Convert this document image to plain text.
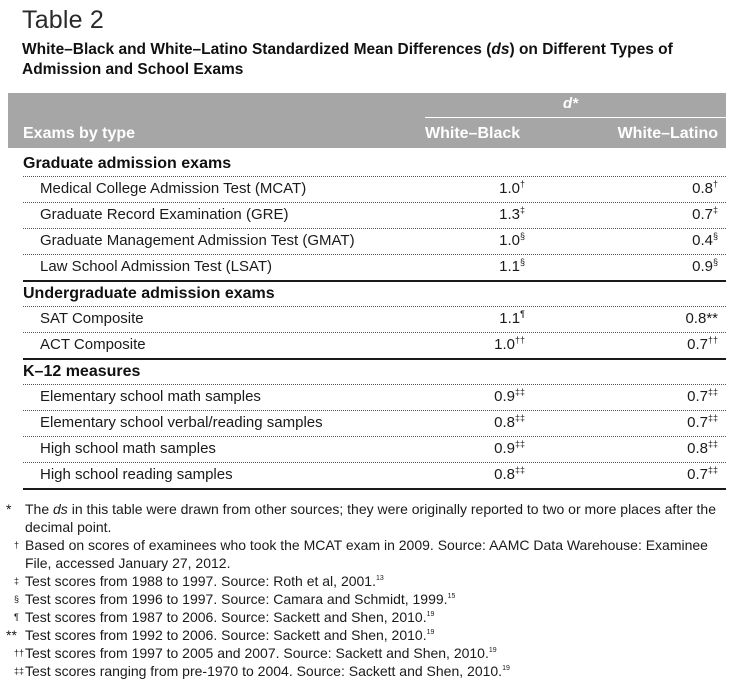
Table 2
White–Black and White–Latino Standardized Mean Differences (ds) on Different Types of Admission and School Exams
d*
Exams by type	White–Black	White–Latino
Graduate admission exams
Medical College Admission Test (MCAT)	1.0†	0.8†
Graduate Record Examination (GRE)	1.3‡	0.7‡
Graduate Management Admission Test (GMAT)	1.0§	0.4§
Law School Admission Test (LSAT)	1.1§	0.9§
Undergraduate admission exams
SAT Composite	1.1¶	0.8**
ACT Composite	1.0††	0.7††
K–12 measures
Elementary school math samples	0.9‡‡	0.7‡‡
Elementary school verbal/reading samples	0.8‡‡	0.7‡‡
High school math samples	0.9‡‡	0.8‡‡
High school reading samples	0.8‡‡	0.7‡‡
* The ds in this table were drawn from other sources; they were originally reported to two or more places after the decimal point.
† Based on scores of examinees who took the MCAT exam in 2009. Source: AAMC Data Warehouse: Examinee File, accessed January 27, 2012.
‡ Test scores from 1988 to 1997. Source: Roth et al, 2001.13
§ Test scores from 1996 to 1997. Source: Camara and Schmidt, 1999.15
¶ Test scores from 1987 to 2006. Source: Sackett and Shen, 2010.19
** Test scores from 1992 to 2006. Source: Sackett and Shen, 2010.19
†† Test scores from 1997 to 2005 and 2007. Source: Sackett and Shen, 2010.19
‡‡ Test scores ranging from pre-1970 to 2004. Source: Sackett and Shen, 2010.19
